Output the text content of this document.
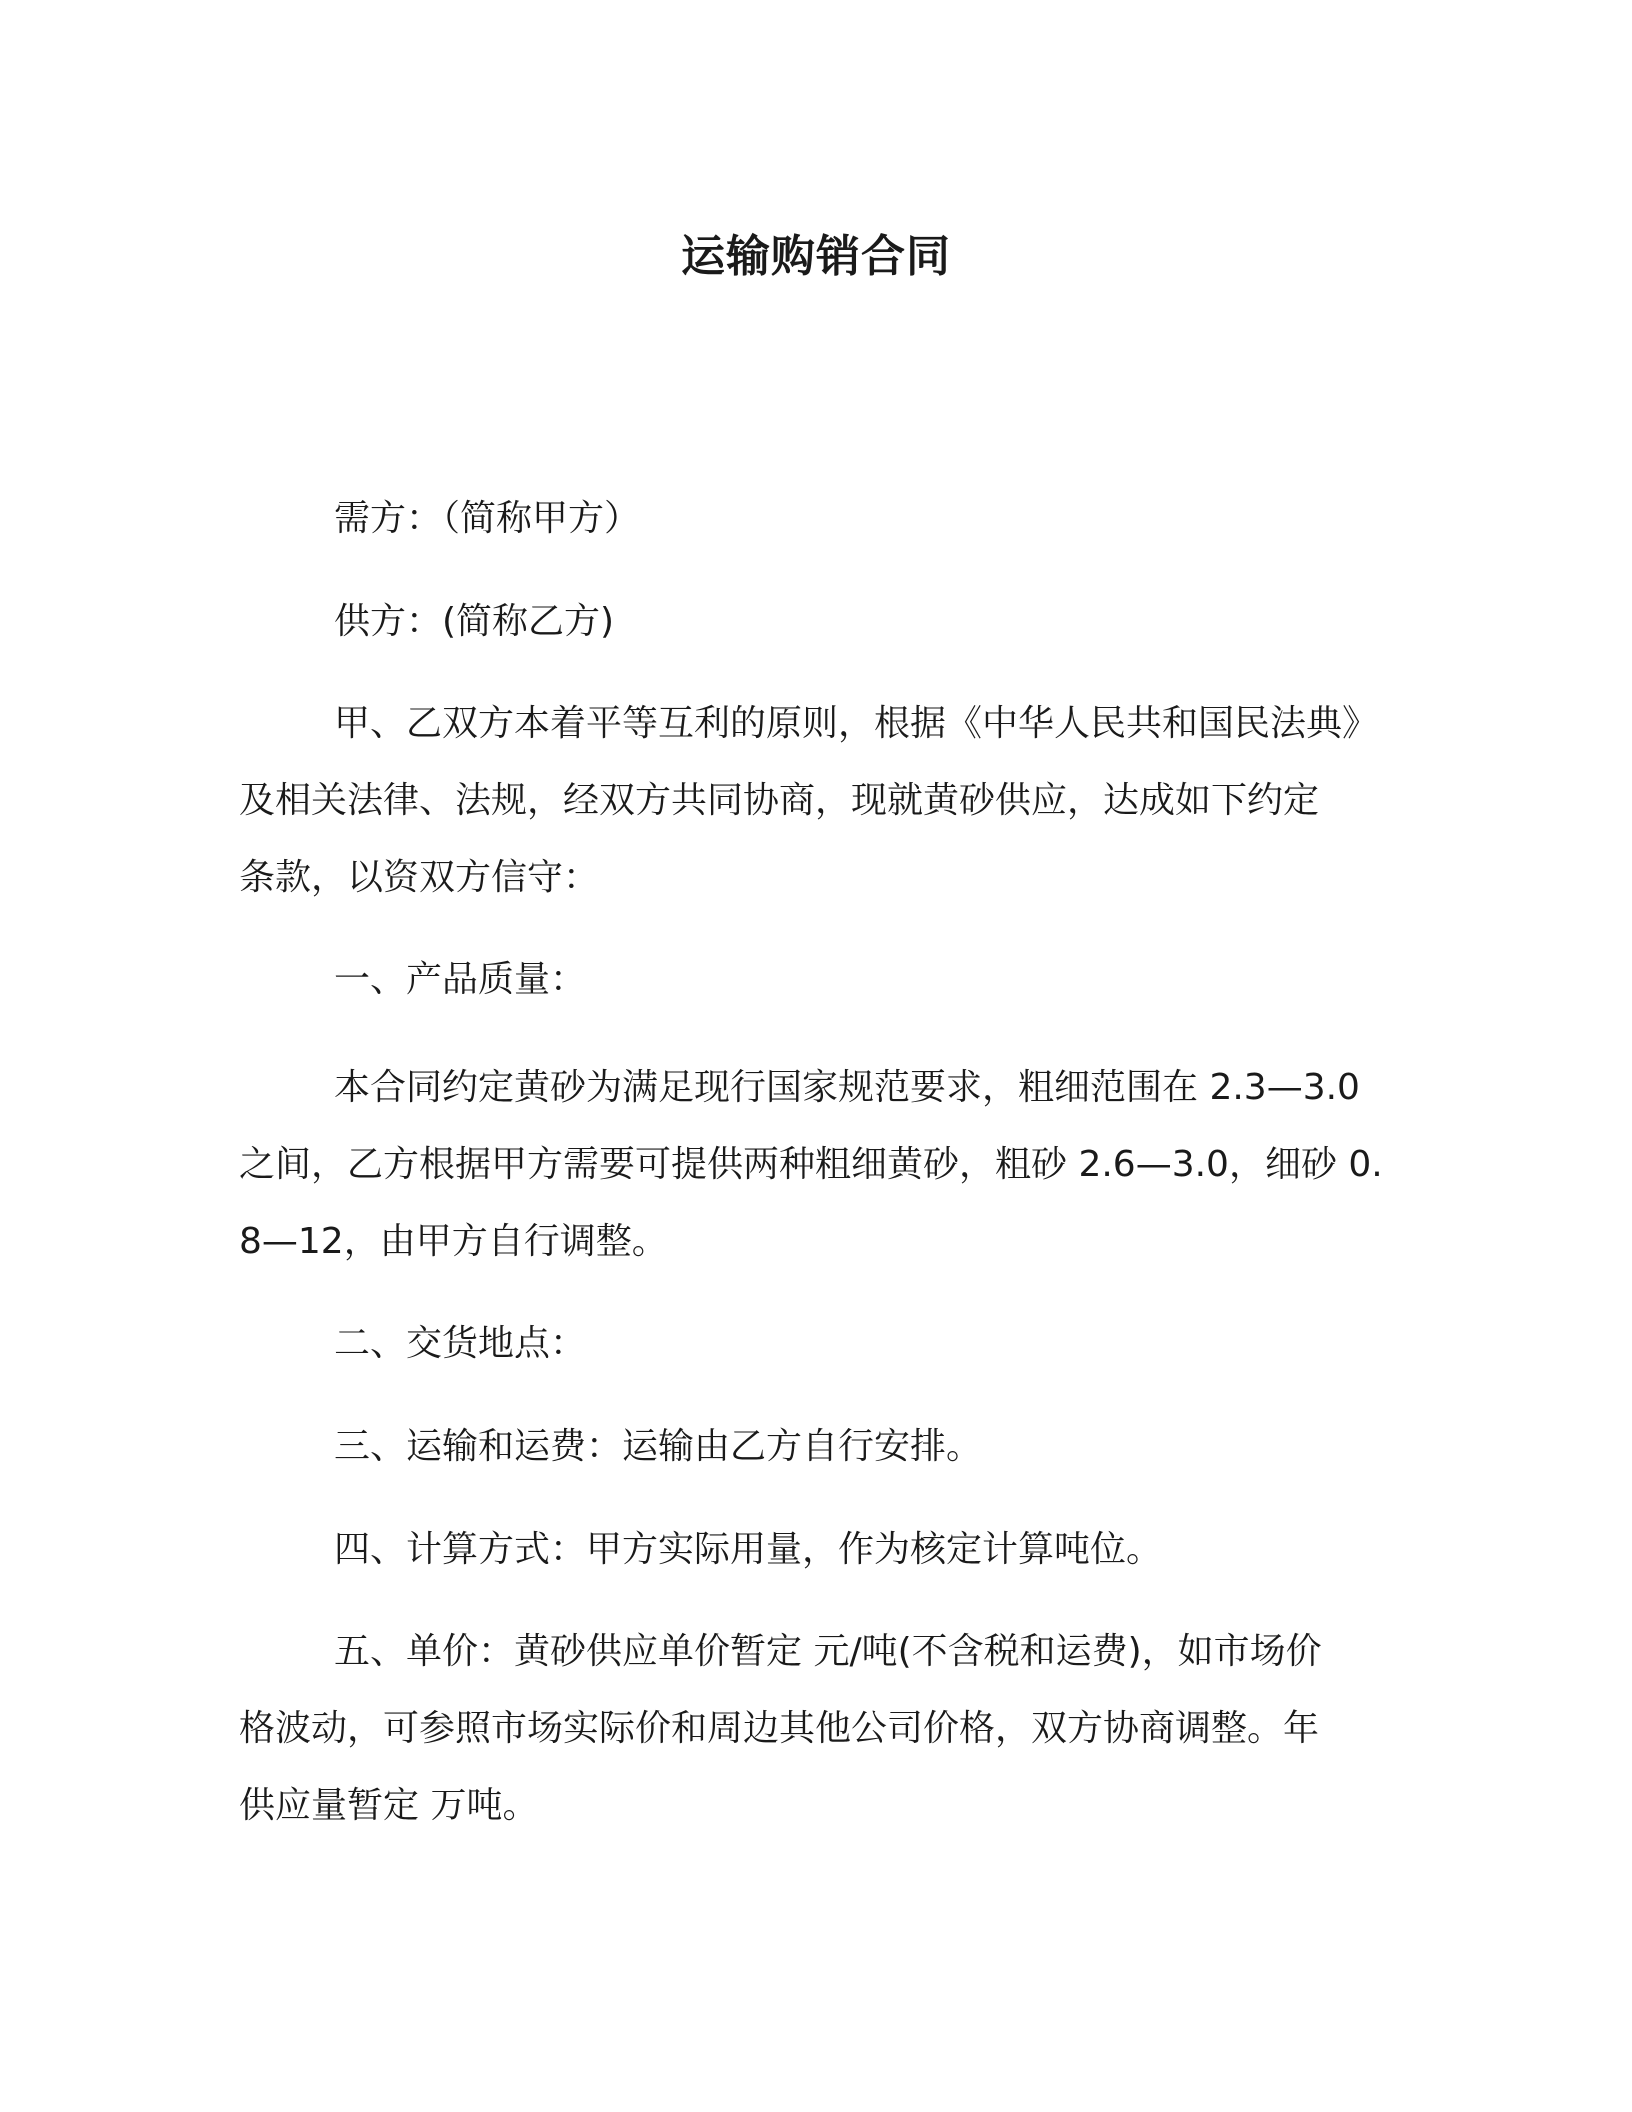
运输购销合同
需方：（简称甲方）
供方：(简称乙方)
甲、乙双方本着平等互利的原则，根据《中华人民共和国民法典》
及相关法律、法规，经双方共同协商，现就黄砂供应，达成如下约定
条款，以资双方信守：
一、产品质量：
本合同约定黄砂为满足现行国家规范要求，粗细范围在 2.3—3.0
之间，乙方根据甲方需要可提供两种粗细黄砂，粗砂 2.6—3.0，细砂 0.
8—12，由甲方自行调整。
二、交货地点：
三、运输和运费：运输由乙方自行安排。
四、计算方式：甲方实际用量，作为核定计算吨位。
五、单价：黄砂供应单价暂定 元/吨(不含税和运费)，如市场价
格波动，可参照市场实际价和周边其他公司价格，双方协商调整。年
供应量暂定 万吨。
